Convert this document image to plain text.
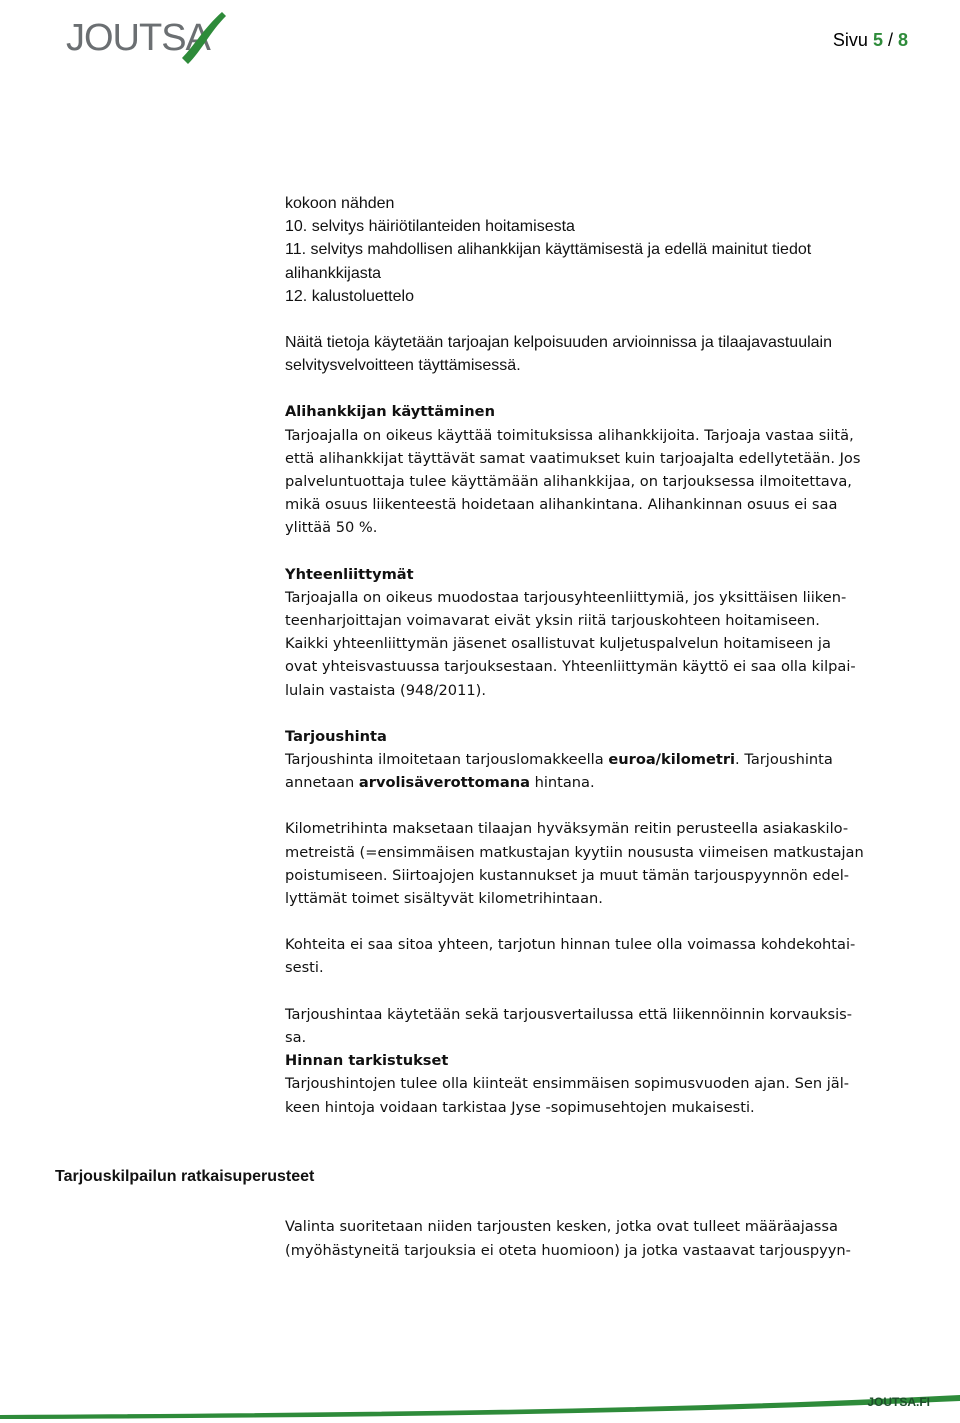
JOUTSA	Sivu 5 / 8

kokoon nähden

10. selvitys häiriötilanteiden hoitamisesta

11. selvitys mahdollisen alihankkijan käyttämisestä ja edellä mainitut tiedot

alihankkijasta

12. kalustoluettelo

Näitä tietoja käytetään tarjoajan kelpoisuuden arvioinnissa ja tilaajavastuulain

selvitysvelvoitteen täyttämisessä.

Alihankkijan käyttäminen

Tarjoajalla on oikeus käyttää toimituksissa alihankkijoita. Tarjoaja vastaa siitä,

että alihankkijat täyttävät samat vaatimukset kuin tarjoajalta edellytetään. Jos

palveluntuottaja tulee käyttämään alihankkijaa, on tarjouksessa ilmoitettava,

mikä osuus liikenteestä hoidetaan alihankintana. Alihankinnan osuus ei saa

ylittää 50 %.

Yhteenliittymät

Tarjoajalla on oikeus muodostaa tarjousyhteenliittymiä, jos yksittäisen liiken-

teenharjoittajan voimavarat eivät yksin riitä tarjouskohteen hoitamiseen.

Kaikki yhteenliittymän jäsenet osallistuvat kuljetuspalvelun hoitamiseen ja

ovat yhteisvastuussa tarjouksestaan. Yhteenliittymän käyttö ei saa olla kilpai-

lulain vastaista (948/2011).

Tarjoushinta

Tarjoushinta ilmoitetaan tarjouslomakkeella euroa/kilometri. Tarjoushinta

annetaan arvolisäverottomana hintana.

Kilometrihinta maksetaan tilaajan hyväksymän reitin perusteella asiakaskilo-

metreistä (=ensimmäisen matkustajan kyytiin noususta viimeisen matkustajan

poistumiseen. Siirtoajojen kustannukset ja muut tämän tarjouspyynnön edel-

lyttämät toimet sisältyvät kilometrihintaan.

Kohteita ei saa sitoa yhteen, tarjotun hinnan tulee olla voimassa kohdekohtai-

sesti.

Tarjoushintaa käytetään sekä tarjousvertailussa että liikennöinnin korvauksis-

sa.

Hinnan tarkistukset

Tarjoushintojen tulee olla kiinteät ensimmäisen sopimusvuoden ajan. Sen jäl-

keen hintoja voidaan tarkistaa Jyse -sopimusehtojen mukaisesti.

Tarjouskilpailun ratkaisuperusteet

Valinta suoritetaan niiden tarjousten kesken, jotka ovat tulleet määräajassa

(myöhästyneitä tarjouksia ei oteta huomioon) ja jotka vastaavat tarjouspyyn-

JOUTSA.FI
